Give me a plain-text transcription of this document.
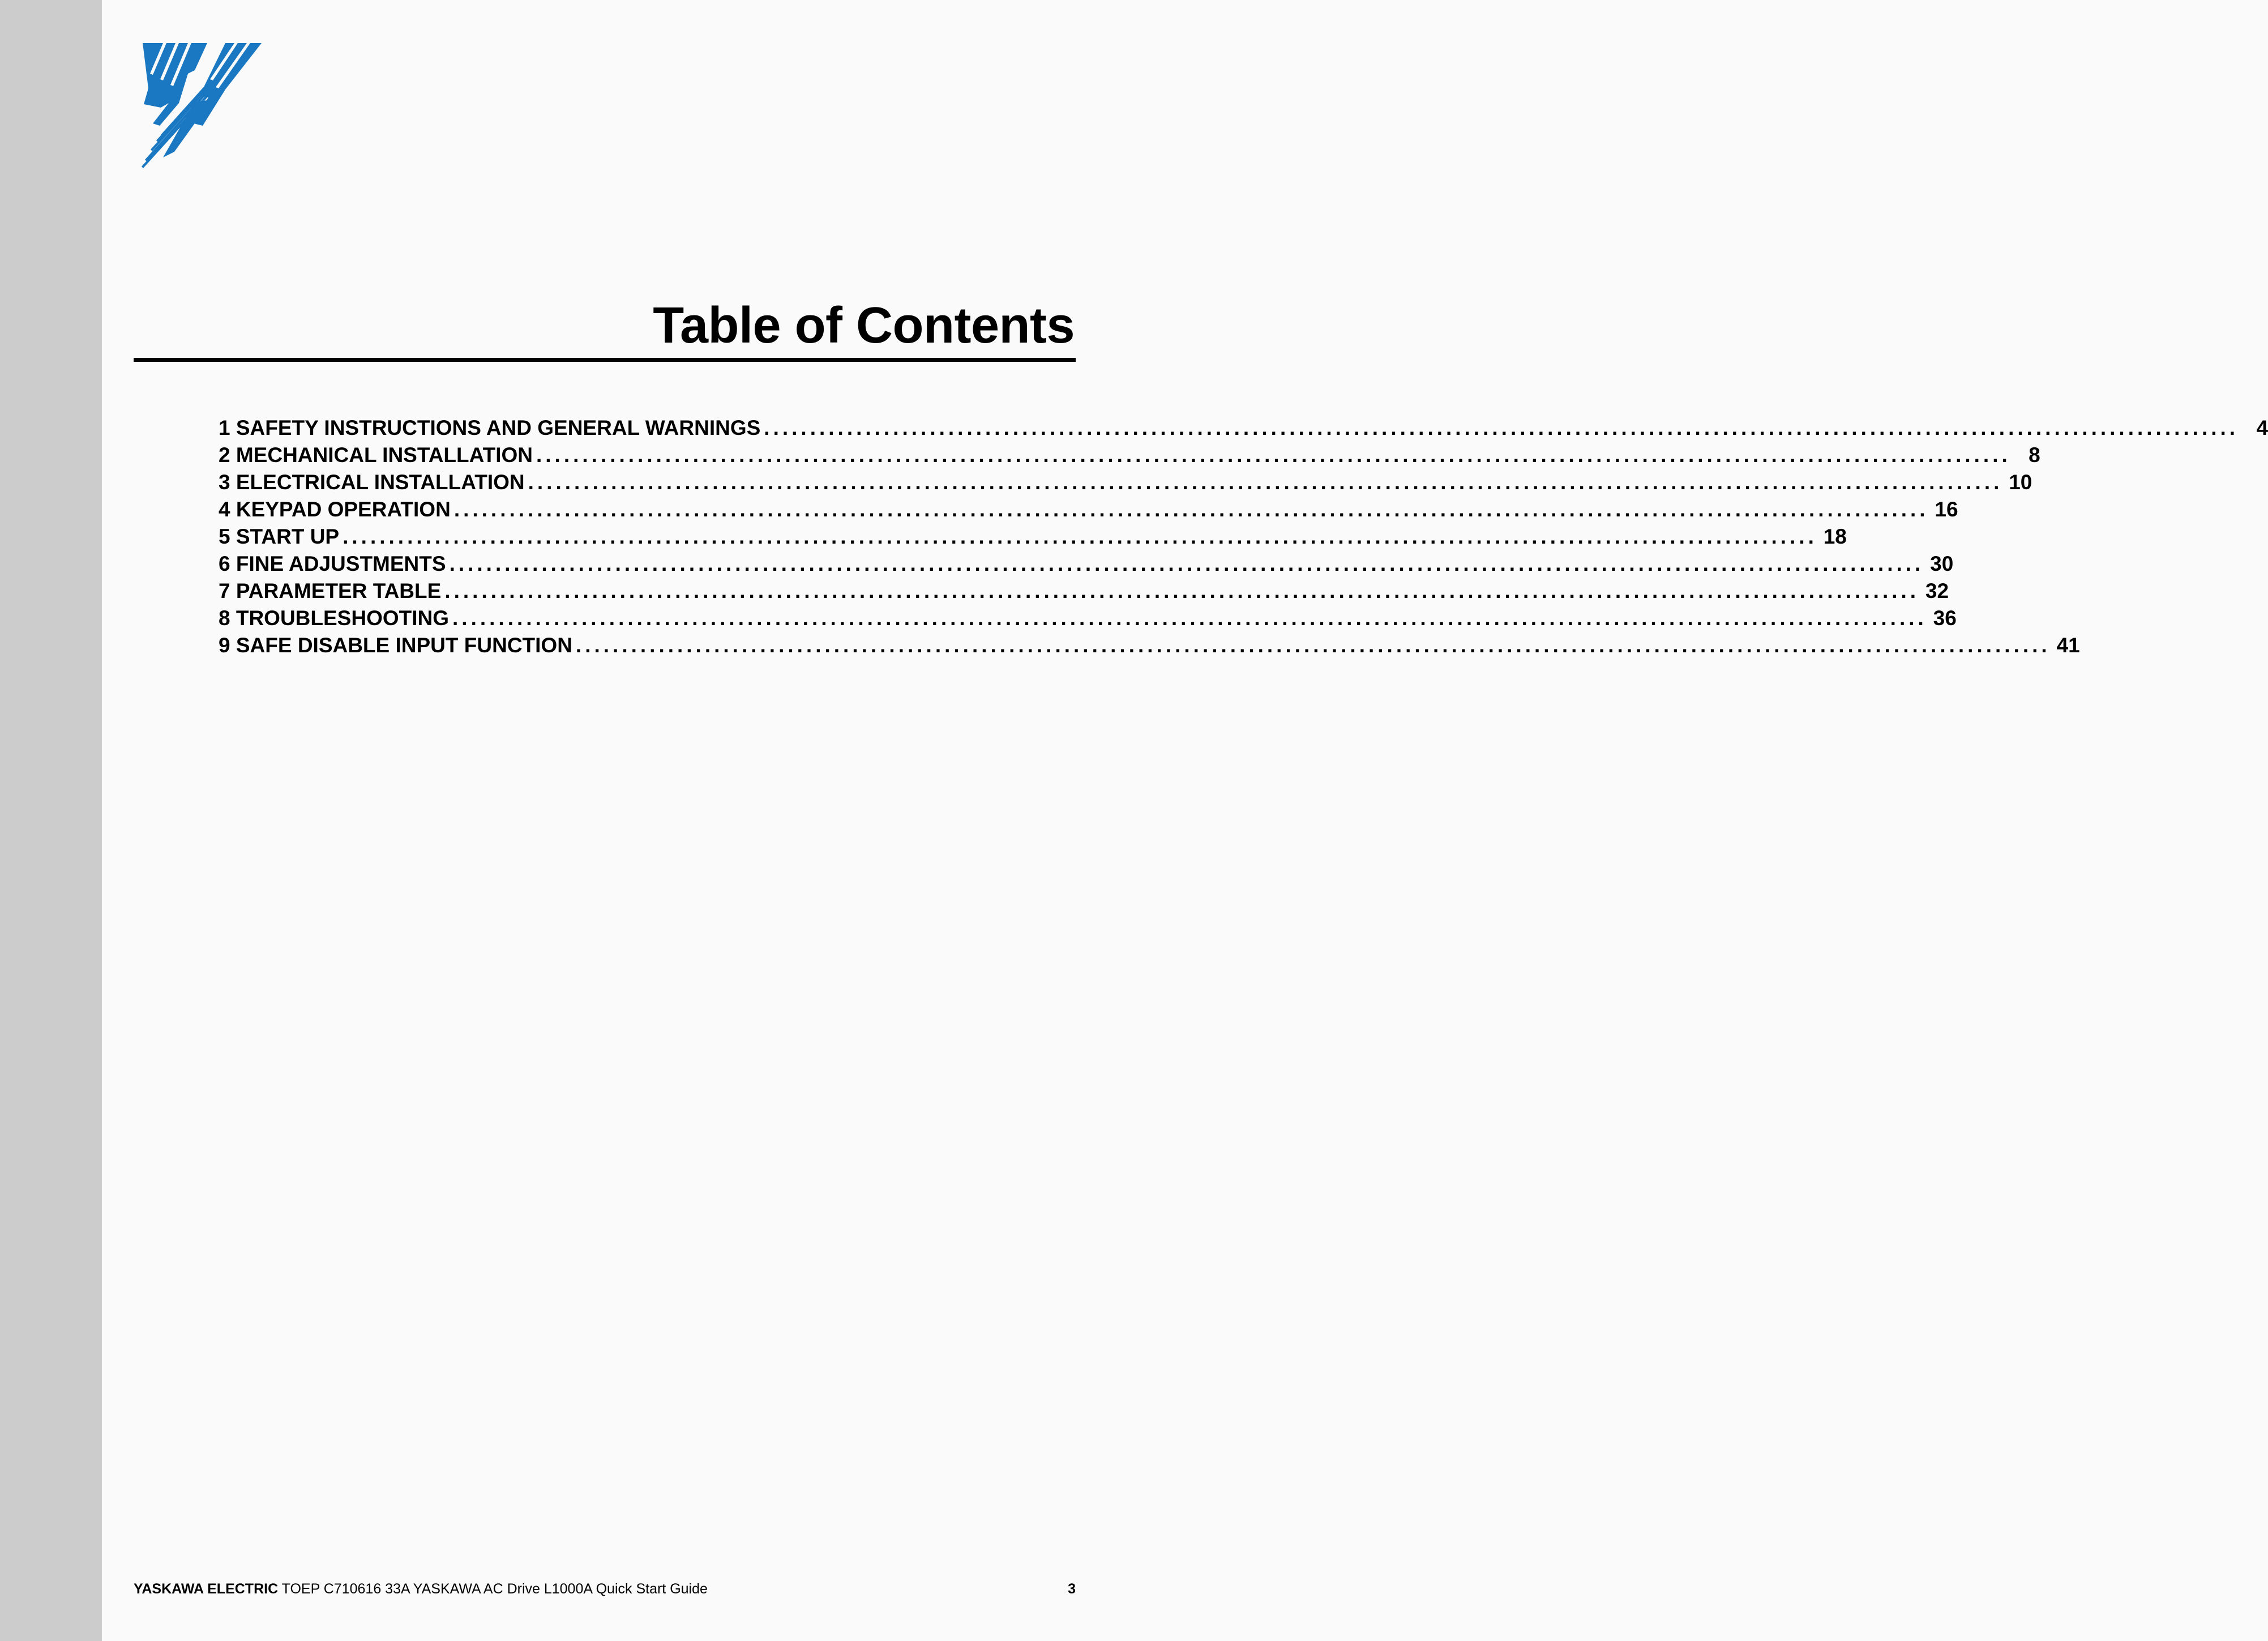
Table of Contents
1 SAFETY INSTRUCTIONS AND GENERAL WARNINGS ................................................................................................................................................................ 4
2 MECHANICAL INSTALLATION ................................................................................................................................................................ 8
3 ELECTRICAL INSTALLATION ................................................................................................................................................................ 10
4 KEYPAD OPERATION ................................................................................................................................................................ 16
5 START UP ................................................................................................................................................................ 18
6 FINE ADJUSTMENTS ................................................................................................................................................................ 30
7 PARAMETER TABLE ................................................................................................................................................................ 32
8 TROUBLESHOOTING ................................................................................................................................................................ 36
9 SAFE DISABLE INPUT FUNCTION ................................................................................................................................................................ 41
YASKAWA ELECTRIC TOEP C710616 33A YASKAWA AC Drive L1000A Quick Start Guide	3
